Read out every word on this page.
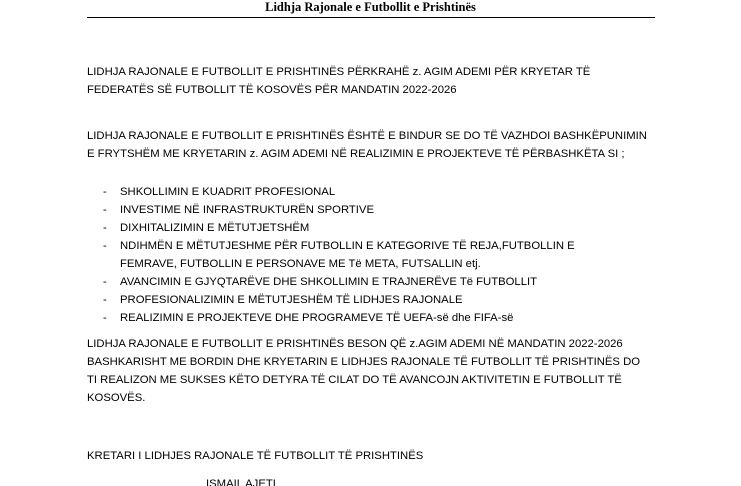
Lidhja Rajonale e Futbollit e Prishtinës
LIDHJA RAJONALE E FUTBOLLIT E PRISHTINËS PËRKRAHË z. AGIM ADEMI PËR KRYETAR TË
FEDERATËS SË FUTBOLLIT TË KOSOVËS PËR MANDATIN 2022-2026
LIDHJA RAJONALE E FUTBOLLIT E PRISHTINËS ËSHTË E BINDUR SE DO TË VAZHDOI BASHKËPUNIMIN
E FRYTSHËM ME KRYETARIN z. AGIM ADEMI NË REALIZIMIN E PROJEKTEVE TË PËRBASHKËTA SI ;
- SHKOLLIMIN E KUADRIT PROFESIONAL
- INVESTIME NË INFRASTRUKTURËN SPORTIVE
- DIXHITALIZIMIN E MËTUTJETSHËM
- NDIHMËN E MËTUTJESHME PËR FUTBOLLIN E KATEGORIVE TË REJA,FUTBOLLIN E
FEMRAVE, FUTBOLLIN E PERSONAVE ME Të META, FUTSALLIN etj.
- AVANCIMIN E GJYQTARËVE DHE SHKOLLIMIN E TRAJNERËVE Të FUTBOLLIT
- PROFESIONALIZIMIN E MËTUTJESHËM TË LIDHJES RAJONALE
- REALIZIMIN E PROJEKTEVE DHE PROGRAMEVE TË UEFA-së dhe FIFA-së
LIDHJA RAJONALE E FUTBOLLIT E PRISHTINËS BESON QË z.AGIM ADEMI NË MANDATIN 2022-2026
BASHKARISHT ME BORDIN DHE KRYETARIN E LIDHJES RAJONALE TË FUTBOLLIT TË PRISHTINËS DO
TI REALIZON ME SUKSES KËTO DETYRA TË CILAT DO TË AVANCOJN AKTIVITETIN E FUTBOLLIT TË
KOSOVËS.
KRETARI I LIDHJES RAJONALE TË FUTBOLLIT TË PRISHTINËS
ISMAIL AJETI
